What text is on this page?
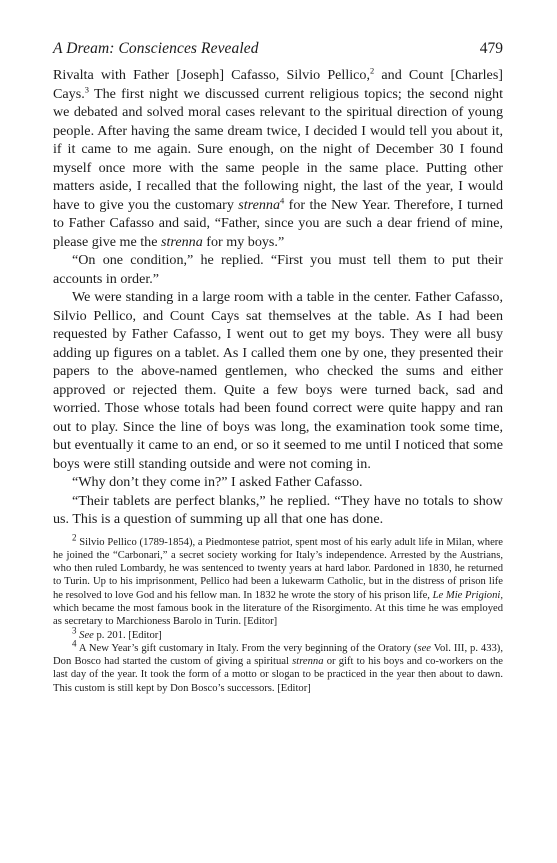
A Dream: Consciences Revealed	479

Rivalta with Father [Joseph] Cafasso, Silvio Pellico,$^2$ and Count [Charles] Cays.$^3$ The first night we discussed current religious topics; the second night we debated and solved moral cases relevant to the spiritual direction of young people. After having the same dream twice, I decided I would tell you about it, if it came to me again. Sure enough, on the night of December 30 I found myself once more with the same people in the same place. Putting other matters aside, I recalled that the following night, the last of the year, I would have to give you the customary strenna$^4$ for the New Year. Therefore, I turned to Father Cafasso and said, “Father, since you are such a dear friend of mine, please give me the strenna for my boys.”

“On one condition,” he replied. “First you must tell them to put their accounts in order.”

We were standing in a large room with a table in the center. Father Cafasso, Silvio Pellico, and Count Cays sat themselves at the table. As I had been requested by Father Cafasso, I went out to get my boys. They were all busy adding up figures on a tablet. As I called them one by one, they presented their papers to the above-named gentlemen, who checked the sums and either approved or rejected them. Quite a few boys were turned back, sad and worried. Those whose totals had been found correct were quite happy and ran out to play. Since the line of boys was long, the examination took some time, but eventually it came to an end, or so it seemed to me until I noticed that some boys were still standing outside and were not coming in.

“Why don’t they come in?” I asked Father Cafasso.

“Their tablets are perfect blanks,” he replied. “They have no totals to show us. This is a question of summing up all that one has done.

$^2$ Silvio Pellico (1789-1854), a Piedmontese patriot, spent most of his early adult life in Milan, where he joined the “Carbonari,” a secret society working for Italy’s independence. Arrested by the Austrians, who then ruled Lombardy, he was sentenced to twenty years at hard labor. Pardoned in 1830, he returned to Turin. Up to his imprisonment, Pellico had been a lukewarm Catholic, but in the distress of prison life he resolved to love God and his fellow man. In 1832 he wrote the story of his prison life, Le Mie Prigioni, which became the most famous book in the literature of the Risorgimento. At this time he was employed as secretary to Marchioness Barolo in Turin. [Editor]

$^3$ See p. 201. [Editor]

$^4$ A New Year’s gift customary in Italy. From the very beginning of the Oratory (see Vol. III, p. 433), Don Bosco had started the custom of giving a spiritual strenna or gift to his boys and co-workers on the last day of the year. It took the form of a motto or slogan to be practiced in the year then about to dawn. This custom is still kept by Don Bosco’s successors. [Editor]
